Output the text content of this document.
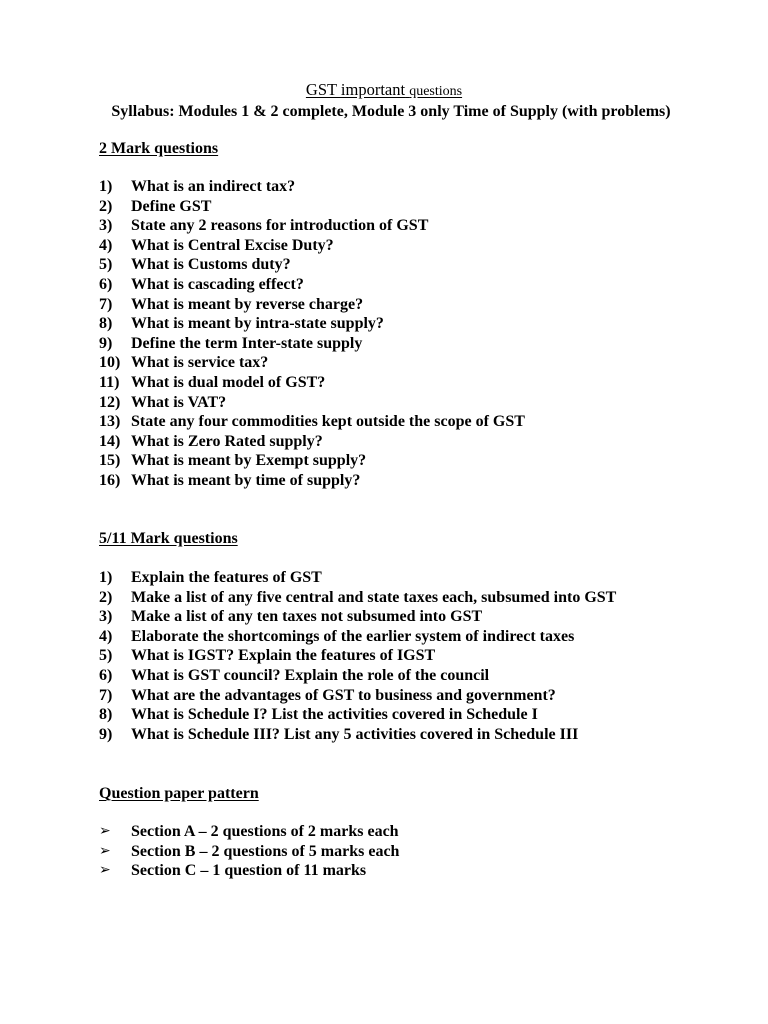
GST important questions
Syllabus: Modules 1 & 2 complete, Module 3 only Time of Supply (with problems)
2 Mark questions
1) What is an indirect tax?
2) Define GST
3) State any 2 reasons for introduction of GST
4) What is Central Excise Duty?
5) What is Customs duty?
6) What is cascading effect?
7) What is meant by reverse charge?
8) What is meant by intra-state supply?
9) Define the term Inter-state supply
10) What is service tax?
11) What is dual model of GST?
12) What is VAT?
13) State any four commodities kept outside the scope of GST
14) What is Zero Rated supply?
15) What is meant by Exempt supply?
16) What is meant by time of supply?
5/11 Mark questions
1) Explain the features of GST
2) Make a list of any five central and state taxes each, subsumed into GST
3) Make a list of any ten taxes not subsumed into GST
4) Elaborate the shortcomings of the earlier system of indirect taxes
5) What is IGST? Explain the features of IGST
6) What is GST council? Explain the role of the council
7) What are the advantages of GST to business and government?
8) What is Schedule I? List the activities covered in Schedule I
9) What is Schedule III? List any 5 activities covered in Schedule III
Question paper pattern
➢ Section A – 2 questions of 2 marks each
➢ Section B – 2 questions of 5 marks each
➢ Section C – 1 question of 11 marks
